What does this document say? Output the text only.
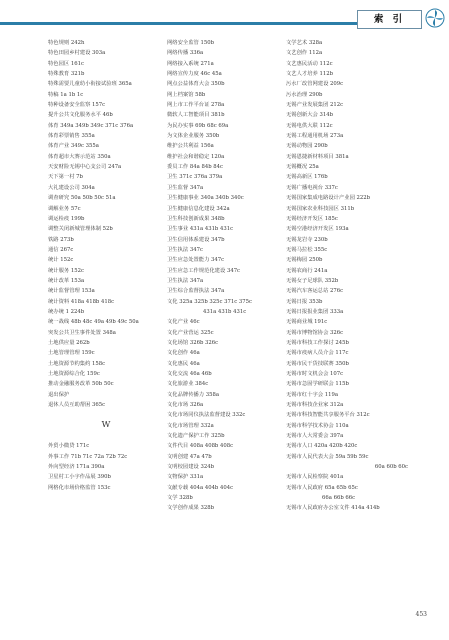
索 引
特色规则 242h
特色田园乡村建设 303a
特色园区 161c
特殊教育 321b
特殊需要儿童幼小衔接试验班 365a
特稿 1a 1b 1c
特种设备安全监察 157c
提升公共文化服务水平 46b
体育 349a 349b 349c 371c 376a
体育彩票销售 355a
体育产业 349c 355a
体育超市大赛示范站 350a
天安财险无锡中心支公司 247a
天下第一村 7b
大礼建设公司 304a
调查研究 50a 50b 50c 51a
调解业务 57c
调运检疫 199b
调整关闭新城管理体制 52b
铁路 273b
通信 267c
统计 152c
统计服务 152c
统计改革 153a
统计监督管理 153a
统计资料 418a 418b 418c
统办统 1 224b
统一战线 48b 48c 49a 49b 49c 50a
突发公共卫生事件处置 348a
土地供应量 262b
土地管理管理 159c
土地资源节约集约 158c
土地资源综合化 159c
推动金融服务改革 50b 50c
退出保护
退休人员互助帮困 365c
W
外贸小微贷 171c
外事工作 71b 71c 72a 72b 72c
外向型经济 171a 390a
卫星村工小字作品展 390b
网格化市场价格监管 153c
网络安全监管 150b
网络传播 336a
网络接入系统 271a
网络宣传力度 46c 45a
网点公益体育大会 350b
网上档案馆 58b
网上市工作平台证 278a
微软人工智能项目 381b
为民办实事 69b 68c 69a
为文体企业服务 350b
维护公共利益 156a
维护社会和谐稳定 120a
委员工作 84a 84b 84c
卫生 371c 376a 379a
卫生监督 347a
卫生健康事业 340a 340b 340c
卫生健康信息化建设 342a
卫生科技创新成果 348b
卫生事业 431a 431b 431c
卫生信用体系建设 347b
卫生执法 347c
卫生应急处置能力 347c
卫生应急工作规范化建设 347c
卫生执法 347a
卫生综合监督执法 347a
文化 325a 325b 325c 371c 375c
431a 431b 431c
文化产业 46c
文化产业营运 325c
文化场馆 326b 326c
文化创作 46a
文化惠民 46a
文化交流 46a 46b
文化旅游业 384c
文化品牌传播力 358a
文化市场 326a
文化市场同仪执法监督建设 332c
文化市场管理 332a
文化遗产保护工作 325b
文件代目 408a 408b 408c
文明创建 47a 47b
文明校园建设 324b
文物保护 331a
文献专载 404a 404b 404c
文学 328b
文学创作成果 328b
文学艺术 328a
文艺创作 112a
文艺惠民活动 112c
文艺人才培养 112b
污水厂改管网建设 209c
污水治理 290b
无锡产业发展集团 212c
无锡创新大会 314b
无锡电供大联 112c
无锡工程通用机场 273a
无锡动物园 290b
无锡恩捷新材料项目 381a
无锡概况 25a
无锡高新区 176b
无锡广播电视台 337c
无锡国家集成电路设计产业园 222b
无锡国家农业科技园区 311b
无锡经济开发区 185c
无锡空港经济开发区 193a
无锡龙岩寺 230b
无锡马拉松 355c
无锡梅园 250b
无锡农商行 241a
无锡女子足球队 352b
无锡汽车客运总站 276c
无锡日报 353b
无锡日报报业集团 333a
无锡商业城 191c
无锡市博物馆协会 326c
无锡市科技工作探讨 245b
无锡市疫病人员介会 117c
无锡市民干货技联赛 350b
无锡市时文机会会 107c
无锡市急固学研联会 115b
无锡市红十字会 119a
无锡市科技企业家 312a
无锡市科技智能共享服务平台 312c
无锡市科学技术协会 110a
无锡市人大常委会 397a
无锡市人口 420a 420b 420c
无锡市人民代表大会 59a 59b 59c
60a 60b 60c
无锡市人民检察院 401a
无锡市人民政府 65a 65b 65c
66a 66b 66c
无锡市人民政府办公室文件 414a 414b
453
